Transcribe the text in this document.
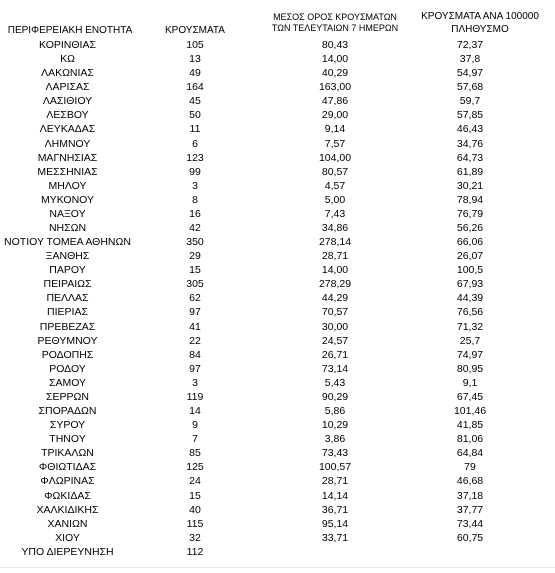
ΠΕΡΙΦΕΡΕΙΑΚΗ ΕΝΟΤΗΤΑ	ΚΡΟΥΣΜΑΤΑ
ΜΕΣΟΣ ΟΡΟΣ ΚΡΟΥΣΜΑΤΩΝ
ΤΩΝ ΤΕΛΕΥΤΑΙΩΝ 7 ΗΜΕΡΩΝ
ΚΡΟΥΣΜΑΤΑ ΑΝΑ 100000
ΠΛΗΘΥΣΜΟ
ΚΟΡΙΝΘΙΑΣ	105	80,43	72,37
ΚΩ	13	14,00	37,8
ΛΑΚΩΝΙΑΣ	49	40,29	54,97
ΛΑΡΙΣΑΣ	164	163,00	57,68
ΛΑΣΙΘΙΟΥ	45	47,86	59,7
ΛΕΣΒΟΥ	50	29,00	57,85
ΛΕΥΚΑΔΑΣ	11	9,14	46,43
ΛΗΜΝΟΥ	6	7,57	34,76
ΜΑΓΝΗΣΙΑΣ	123	104,00	64,73
ΜΕΣΣΗΝΙΑΣ	99	80,57	61,89
ΜΗΛΟΥ	3	4,57	30,21
ΜΥΚΟΝΟΥ	8	5,00	78,94
ΝΑΞΟΥ	16	7,43	76,79
ΝΗΣΩΝ	42	34,86	56,26
ΝΟΤΙΟΥ ΤΟΜΕΑ ΑΘΗΝΩΝ	350	278,14	66,06
ΞΑΝΘΗΣ	29	28,71	26,07
ΠΑΡΟΥ	15	14,00	100,5
ΠΕΙΡΑΙΩΣ	305	278,29	67,93
ΠΕΛΛΑΣ	62	44,29	44,39
ΠΙΕΡΙΑΣ	97	70,57	76,56
ΠΡΕΒΕΖΑΣ	41	30,00	71,32
ΡΕΘΥΜΝΟΥ	22	24,57	25,7
ΡΟΔΟΠΗΣ	84	26,71	74,97
ΡΟΔΟΥ	97	73,14	80,95
ΣΑΜΟΥ	3	5,43	9,1
ΣΕΡΡΩΝ	119	90,29	67,45
ΣΠΟΡΑΔΩΝ	14	5,86	101,46
ΣΥΡΟΥ	9	10,29	41,85
ΤΗΝΟΥ	7	3,86	81,06
ΤΡΙΚΑΛΩΝ	85	73,43	64,84
ΦΘΙΩΤΙΔΑΣ	125	100,57	79
ΦΛΩΡΙΝΑΣ	24	28,71	46,68
ΦΩΚΙΔΑΣ	15	14,14	37,18
ΧΑΛΚΙΔΙΚΗΣ	40	36,71	37,77
ΧΑΝΙΩΝ	115	95,14	73,44
ΧΙΟΥ	32	33,71	60,75
ΥΠΟ ΔΙΕΡΕΥΝΗΣΗ	112
